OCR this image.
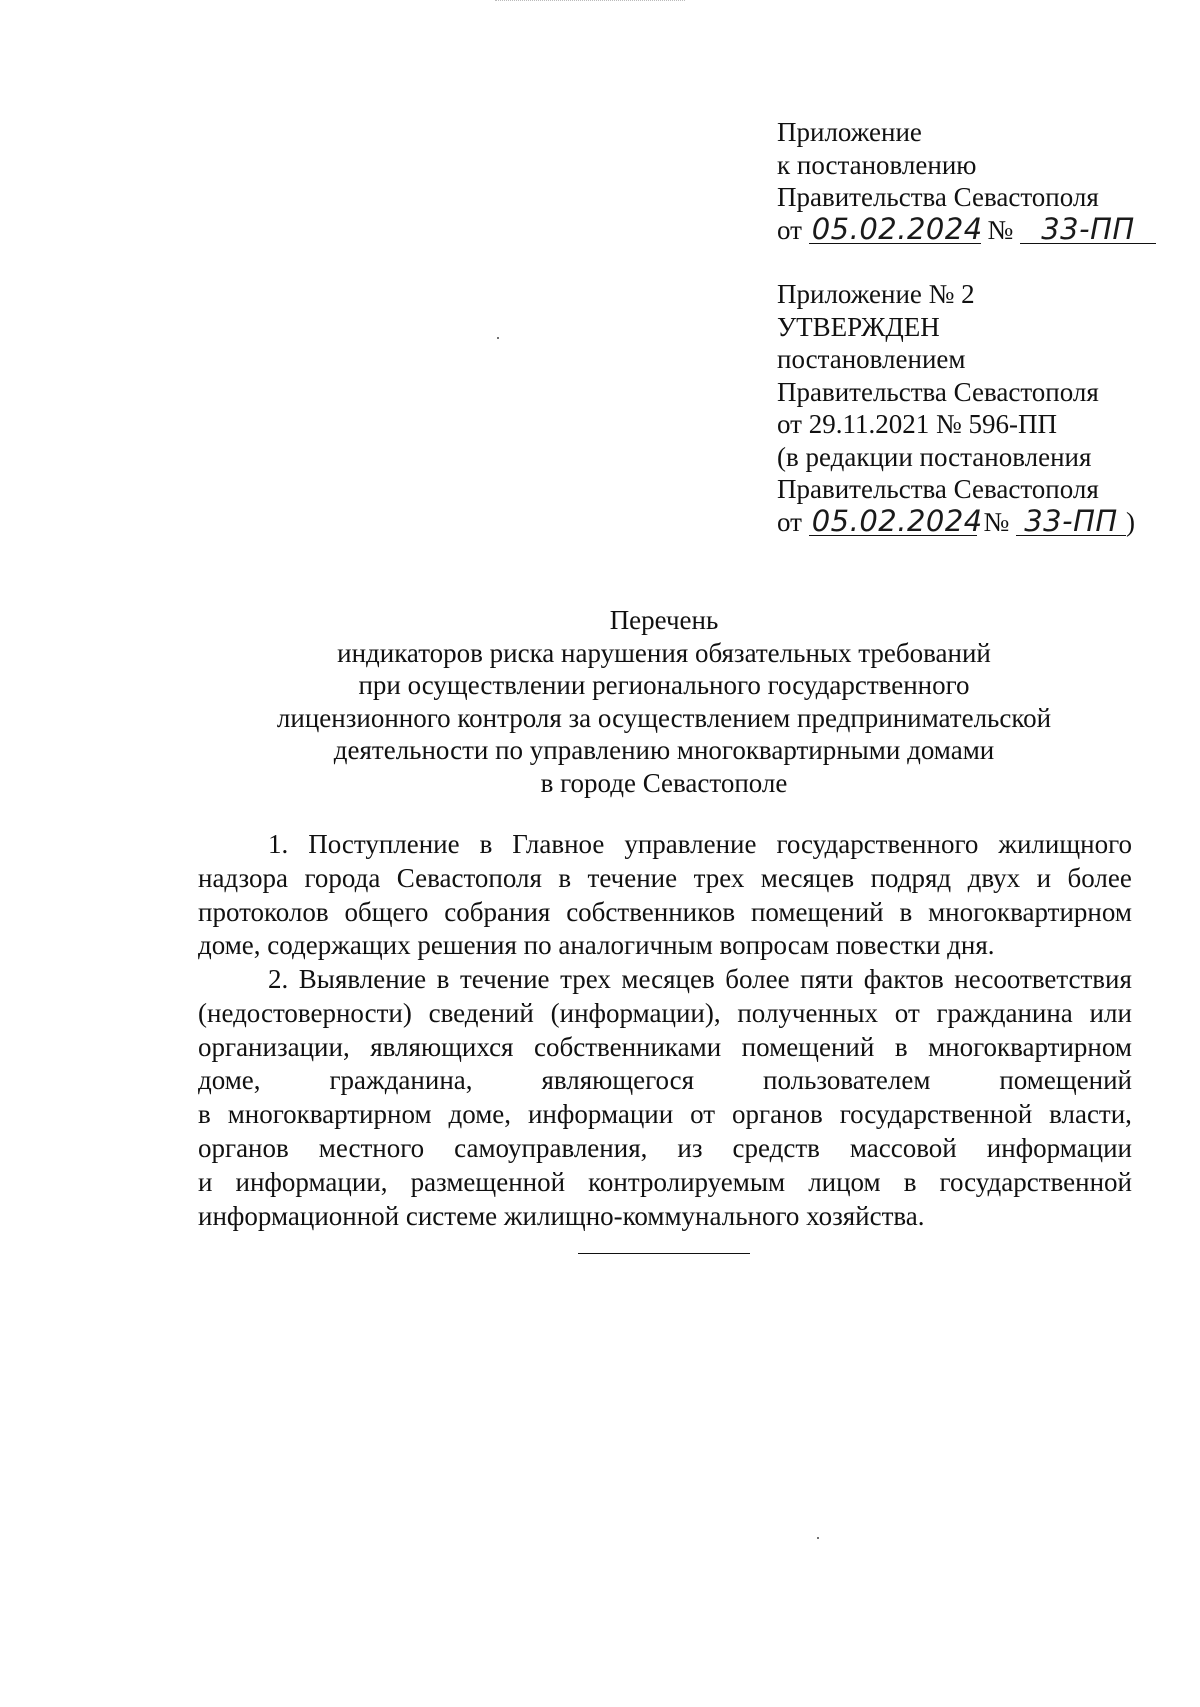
Приложение
к постановлению
Правительства Севастополя
от 05.02.2024 № 33-ПП
Приложение № 2
УТВЕРЖДЕН
постановлением
Правительства Севастополя
от 29.11.2021 № 596-ПП
(в редакции постановления
Правительства Севастополя
от 05.02.2024 № 33-ПП )
Перечень
индикаторов риска нарушения обязательных требований
при осуществлении регионального государственного
лицензионного контроля за осуществлением предпринимательской
деятельности по управлению многоквартирными домами
в городе Севастополе
1. Поступление в Главное управление государственного жилищного
надзора города Севастополя в течение трех месяцев подряд двух и более
протоколов общего собрания собственников помещений в многоквартирном
доме, содержащих решения по аналогичным вопросам повестки дня.
2. Выявление в течение трех месяцев более пяти фактов несоответствия
(недостоверности) сведений (информации), полученных от гражданина или
организации, являющихся собственниками помещений в многоквартирном
доме,	гражданина,	являющегося	пользователем	помещений
в многоквартирном доме, информации от органов государственной власти,
органов местного самоуправления, из средств массовой информации
и информации, размещенной контролируемым лицом в государственной
информационной системе жилищно-коммунального хозяйства.
